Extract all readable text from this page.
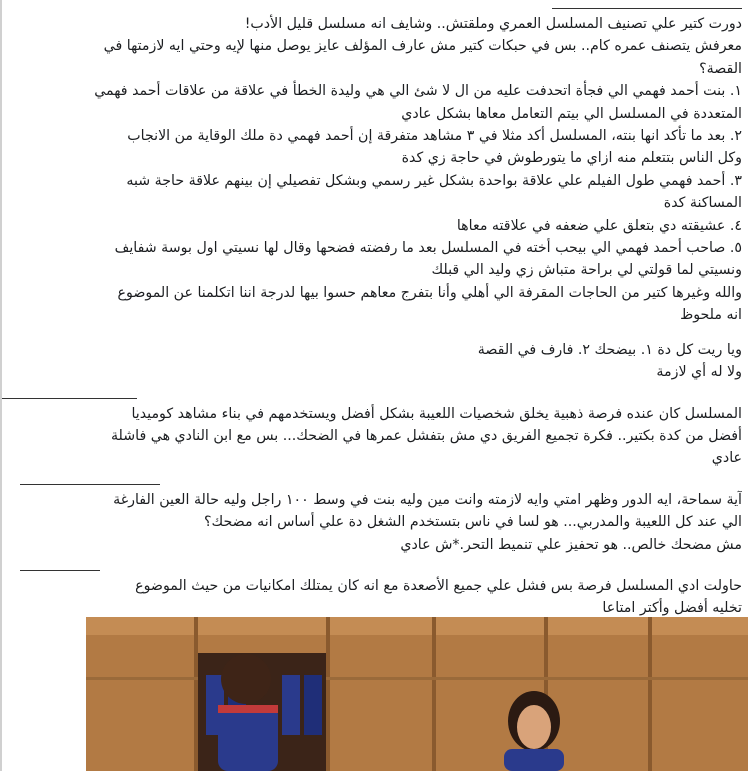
دورت كتير علي تصنيف المسلسل العمري وملقتش.. وشايف انه مسلسل قليل الأدب!
معرفش يتصنف عمره كام.. بس في حبكات كتير مش عارف المؤلف عايز يوصل منها لإيه وحتي ايه لازمتها في
القصة؟
١. بنت أحمد فهمي الي فجأة اتحدفت عليه من ال لا شئ الي هي وليدة الخطأ في علاقة من علاقات أحمد فهمي
المتعددة في المسلسل الي بيتم التعامل معاها بشكل عادي
٢. بعد ما تأكد انها بنته، المسلسل أكد مثلا في ٣ مشاهد متفرقة إن أحمد فهمي دة ملك الوقاية من الانجاب
وكل الناس بتتعلم منه ازاي ما يتورطوش في حاجة زي كدة
٣. أحمد فهمي طول الفيلم علي علاقة بواحدة بشكل غير رسمي وبشكل تفصيلي إن بينهم علاقة حاجة شبه
المساكنة كدة
٤. عشيقته دي بتعلق علي ضعفه في علاقته معاها
٥. صاحب أحمد فهمي الي بيحب أخته في المسلسل بعد ما رفضته فضحها وقال لها نسيتي اول بوسة شفايف
ونسيتي لما قولتي لي براحة متباش زي وليد الي قبلك
والله وغيرها كتير من الحاجات المقرفة الي أهلي وأنا بتفرج معاهم حسوا بيها لدرجة اننا اتكلمنا عن الموضوع
انه ملحوظ
ويا ريت كل دة ١. بيضحك ٢. فارف في القصة
ولا له أي لازمة
المسلسل كان عنده فرصة ذهبية يخلق شخصيات اللعيبة بشكل أفضل ويستخدمهم في بناء مشاهد كوميديا
أفضل من كدة بكتير.. فكرة تجميع الفريق دي مش بتفشل عمرها في الضحك... بس مع ابن النادي هي فاشلة
عادي
آية سماحة، ايه الدور وظهر امتي وايه لازمته وانت مين وليه بنت في وسط ١٠٠ راجل وليه حالة العين الفارغة
الي عند كل اللعيبة والمدربي... هو لسا في ناس بتستخدم الشغل دة علي أساس انه مضحك؟
مش مضحك خالص.. هو تحفيز علي تنميط التحر.*ش عادي
حاولت ادي المسلسل فرصة بس فشل علي جميع الأصعدة مع انه كان يمتلك امكانيات من حيث الموضوع
تخليه أفضل وأكتر امتاعا
